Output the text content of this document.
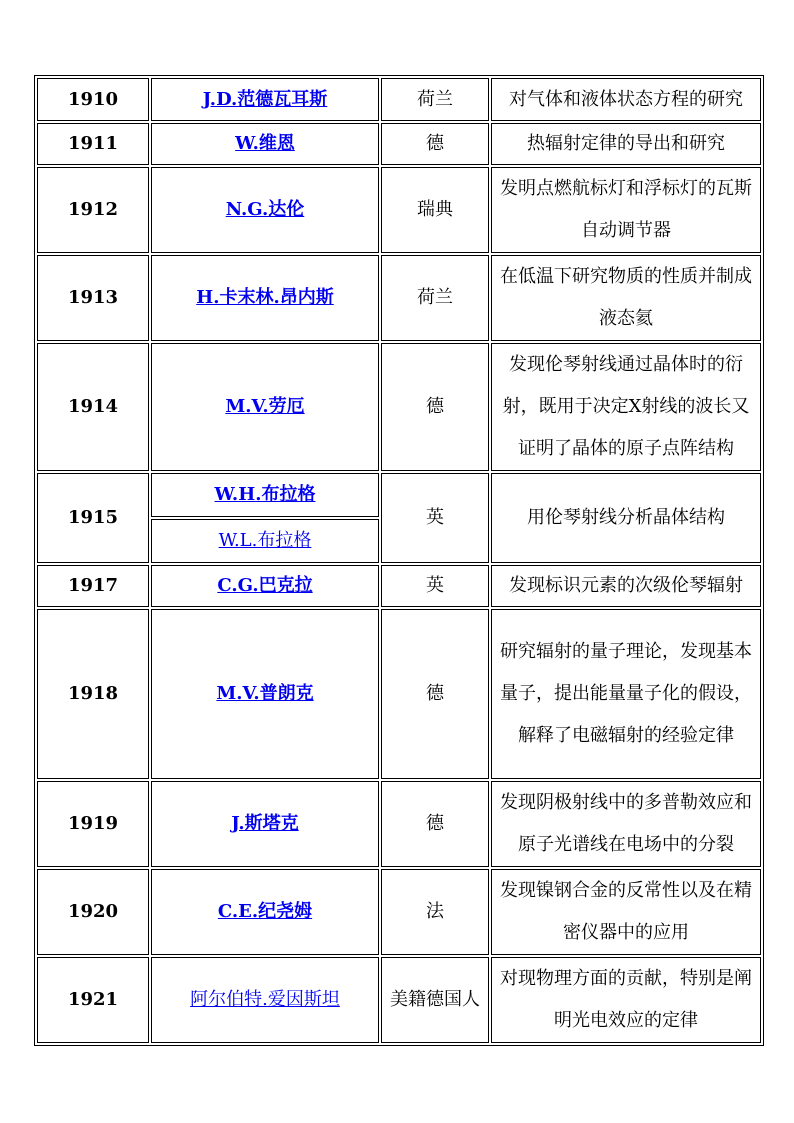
1910	J.D.范德瓦耳斯	荷兰	对气体和液体状态方程的研究
1911	W.维恩	德	热辐射定律的导出和研究
1912	N.G.达伦	瑞典	发明点燃航标灯和浮标灯的瓦斯自动调节器
1913	H.卡末林.昂内斯	荷兰	在低温下研究物质的性质并制成液态氦
1914	M.V.劳厄	德	发现伦琴射线通过晶体时的衍射，既用于决定X射线的波长又证明了晶体的原子点阵结构
1915	W.H.布拉格	英	用伦琴射线分析晶体结构
	W.L.布拉格		
1917	C.G.巴克拉	英	发现标识元素的次级伦琴辐射
1918	M.V.普朗克	德	研究辐射的量子理论，发现基本量子，提出能量量子化的假设，解释了电磁辐射的经验定律
1919	J.斯塔克	德	发现阴极射线中的多普勒效应和原子光谱线在电场中的分裂
1920	C.E.纪尧姆	法	发现镍钢合金的反常性以及在精密仪器中的应用
1921	阿尔伯特.爱因斯坦	美籍德国人	对现物理方面的贡献，特别是阐明光电效应的定律
